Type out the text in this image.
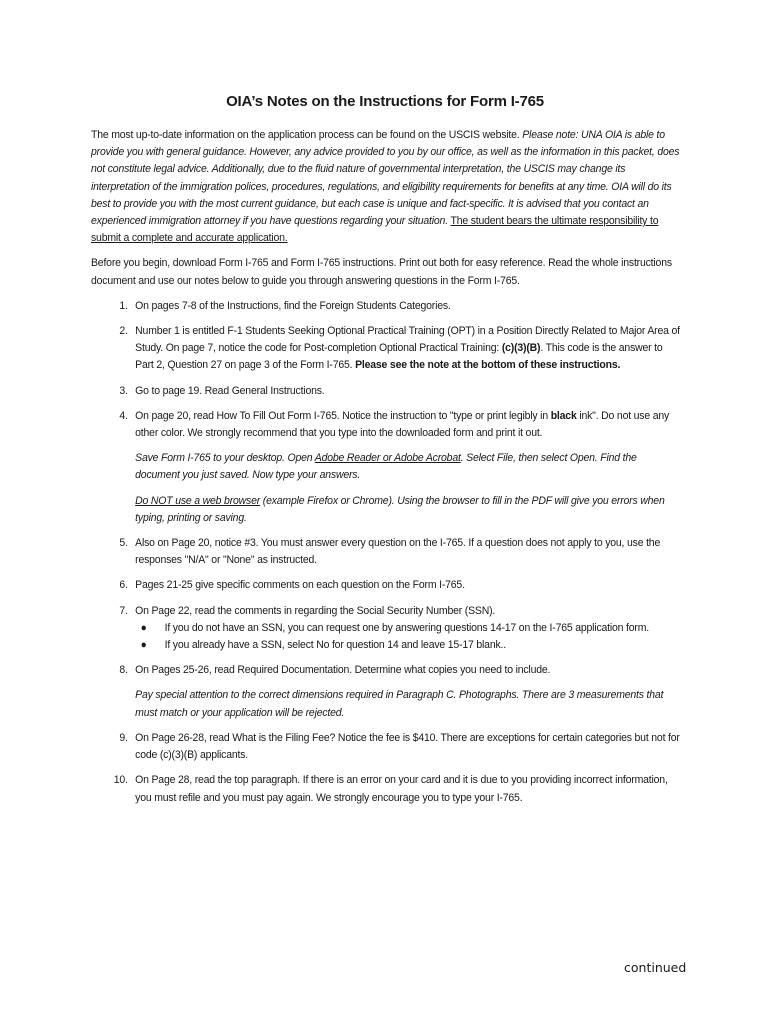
OIA’s Notes on the Instructions for Form I-765

The most up-to-date information on the application process can be found on the USCIS website. Please note: UNA OIA is able to provide you with general guidance. However, any advice provided to you by our office, as well as the information in this packet, does not constitute legal advice. Additionally, due to the fluid nature of governmental interpretation, the USCIS may change its interpretation of the immigration polices, procedures, regulations, and eligibility requirements for benefits at any time. OIA will do its best to provide you with the most current guidance, but each case is unique and fact-specific. It is advised that you contact an experienced immigration attorney if you have questions regarding your situation. The student bears the ultimate responsibility to submit a complete and accurate application.

Before you begin, download Form I-765 and Form I-765 instructions. Print out both for easy reference. Read the whole instructions document and use our notes below to guide you through answering questions in the Form I-765.

1. On pages 7-8 of the Instructions, find the Foreign Students Categories.
2. Number 1 is entitled F-1 Students Seeking Optional Practical Training (OPT) in a Position Directly Related to Major Area of Study. On page 7, notice the code for Post-completion Optional Practical Training: (c)(3)(B). This code is the answer to Part 2, Question 27 on page 3 of the Form I-765. Please see the note at the bottom of these instructions.
3. Go to page 19. Read General Instructions.
4. On page 20, read How To Fill Out Form I-765. Notice the instruction to "type or print legibly in black ink". Do not use any other color. We strongly recommend that you type into the downloaded form and print it out.
Save Form I-765 to your desktop. Open Adobe Reader or Adobe Acrobat. Select File, then select Open. Find the document you just saved. Now type your answers.
Do NOT use a web browser (example Firefox or Chrome). Using the browser to fill in the PDF will give you errors when typing, printing or saving.
5. Also on Page 20, notice #3. You must answer every question on the I-765. If a question does not apply to you, use the responses "N/A" or "None" as instructed.
6. Pages 21-25 give specific comments on each question on the Form I-765.
7. On Page 22, read the comments in regarding the Social Security Number (SSN).
● If you do not have an SSN, you can request one by answering questions 14-17 on the I-765 application form.
● If you already have a SSN, select No for question 14 and leave 15-17 blank..
8. On Pages 25-26, read Required Documentation. Determine what copies you need to include.
Pay special attention to the correct dimensions required in Paragraph C. Photographs. There are 3 measurements that must match or your application will be rejected.
9. On Page 26-28, read What is the Filing Fee? Notice the fee is $410. There are exceptions for certain categories but not for code (c)(3)(B) applicants.
10. On Page 28, read the top paragraph. If there is an error on your card and it is due to you providing incorrect information, you must refile and you must pay again. We strongly encourage you to type your I-765.
continued
